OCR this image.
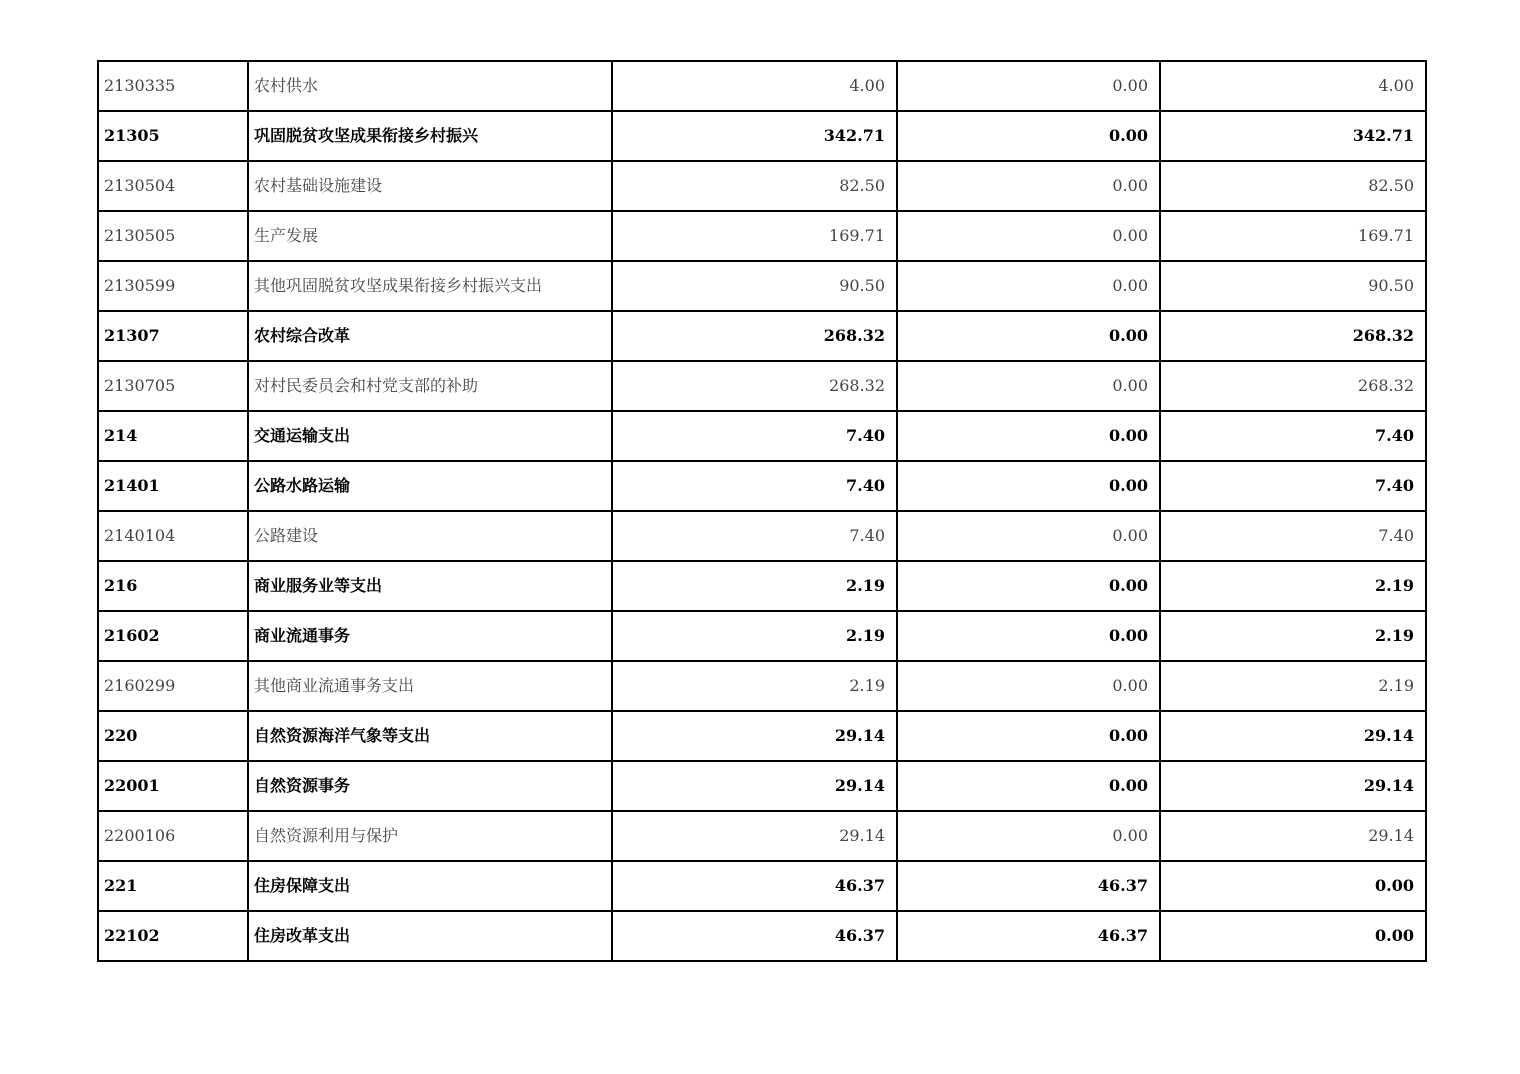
2130335	农村供水	4.00	0.00	4.00
21305	巩固脱贫攻坚成果衔接乡村振兴	342.71	0.00	342.71
2130504	农村基础设施建设	82.50	0.00	82.50
2130505	生产发展	169.71	0.00	169.71
2130599	其他巩固脱贫攻坚成果衔接乡村振兴支出	90.50	0.00	90.50
21307	农村综合改革	268.32	0.00	268.32
2130705	对村民委员会和村党支部的补助	268.32	0.00	268.32
214	交通运输支出	7.40	0.00	7.40
21401	公路水路运输	7.40	0.00	7.40
2140104	公路建设	7.40	0.00	7.40
216	商业服务业等支出	2.19	0.00	2.19
21602	商业流通事务	2.19	0.00	2.19
2160299	其他商业流通事务支出	2.19	0.00	2.19
220	自然资源海洋气象等支出	29.14	0.00	29.14
22001	自然资源事务	29.14	0.00	29.14
2200106	自然资源利用与保护	29.14	0.00	29.14
221	住房保障支出	46.37	46.37	0.00
22102	住房改革支出	46.37	46.37	0.00
